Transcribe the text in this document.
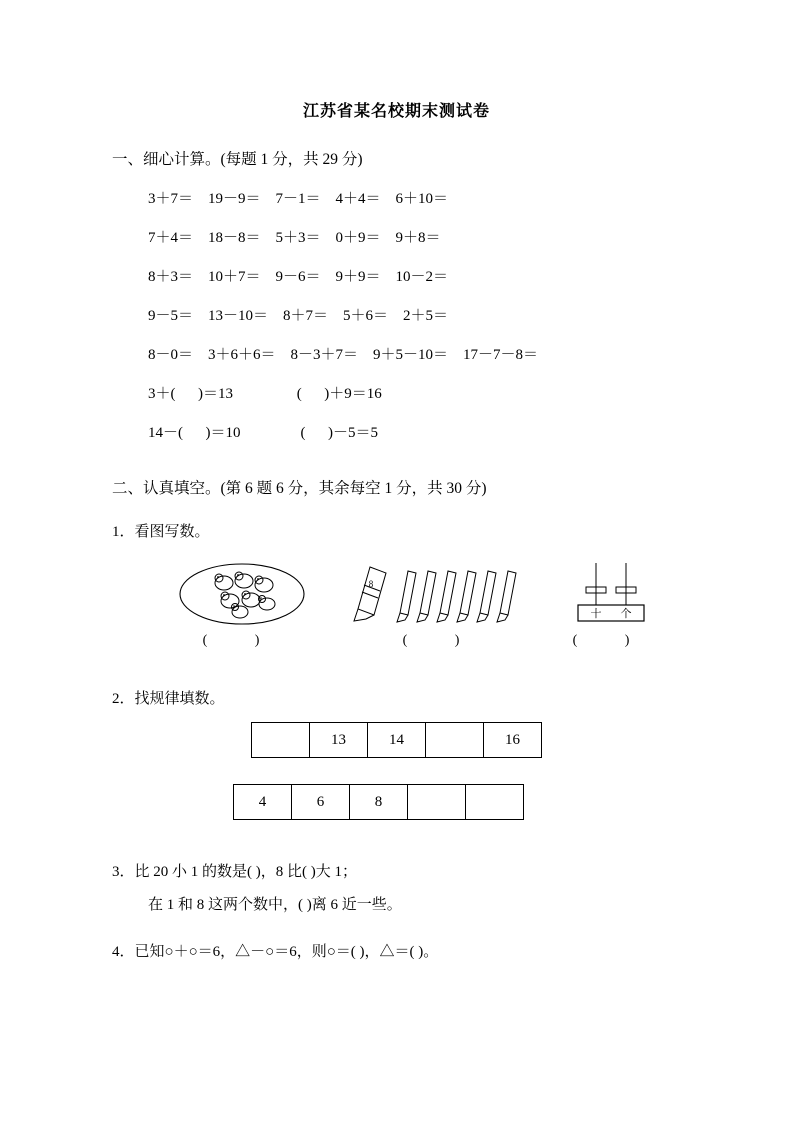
江苏省某名校期末测试卷
一、细心计算。(每题 1 分，共 29 分)
3＋7＝    19－9＝    7－1＝    4＋4＝    6＋10＝
7＋4＝    18－8＝    5＋3＝    0＋9＝    9＋8＝
8＋3＝    10＋7＝    9－6＝    9＋9＝    10－2＝
9－5＝    13－10＝    8＋7＝    5＋6＝    2＋5＝
8－0＝    3＋6＋6＝    8－3＋7＝    9＋5－10＝    17－7－8＝
3＋(      )＝13                 (      )＋9＝16
14－(      )＝10                (      )－5＝5
二、认真填空。(第 6 题 6 分，其余每空 1 分，共 30 分)
1．看图写数。
( )
8
( )
十 个
( )
2．找规律填数。
	13	14		16
4	6	8		
3．比 20 小 1 的数是( )，8 比( )大 1；
在 1 和 8 这两个数中，( )离 6 近一些。
4．已知○＋○＝6，△－○＝6，则○＝( )，△＝( )。
